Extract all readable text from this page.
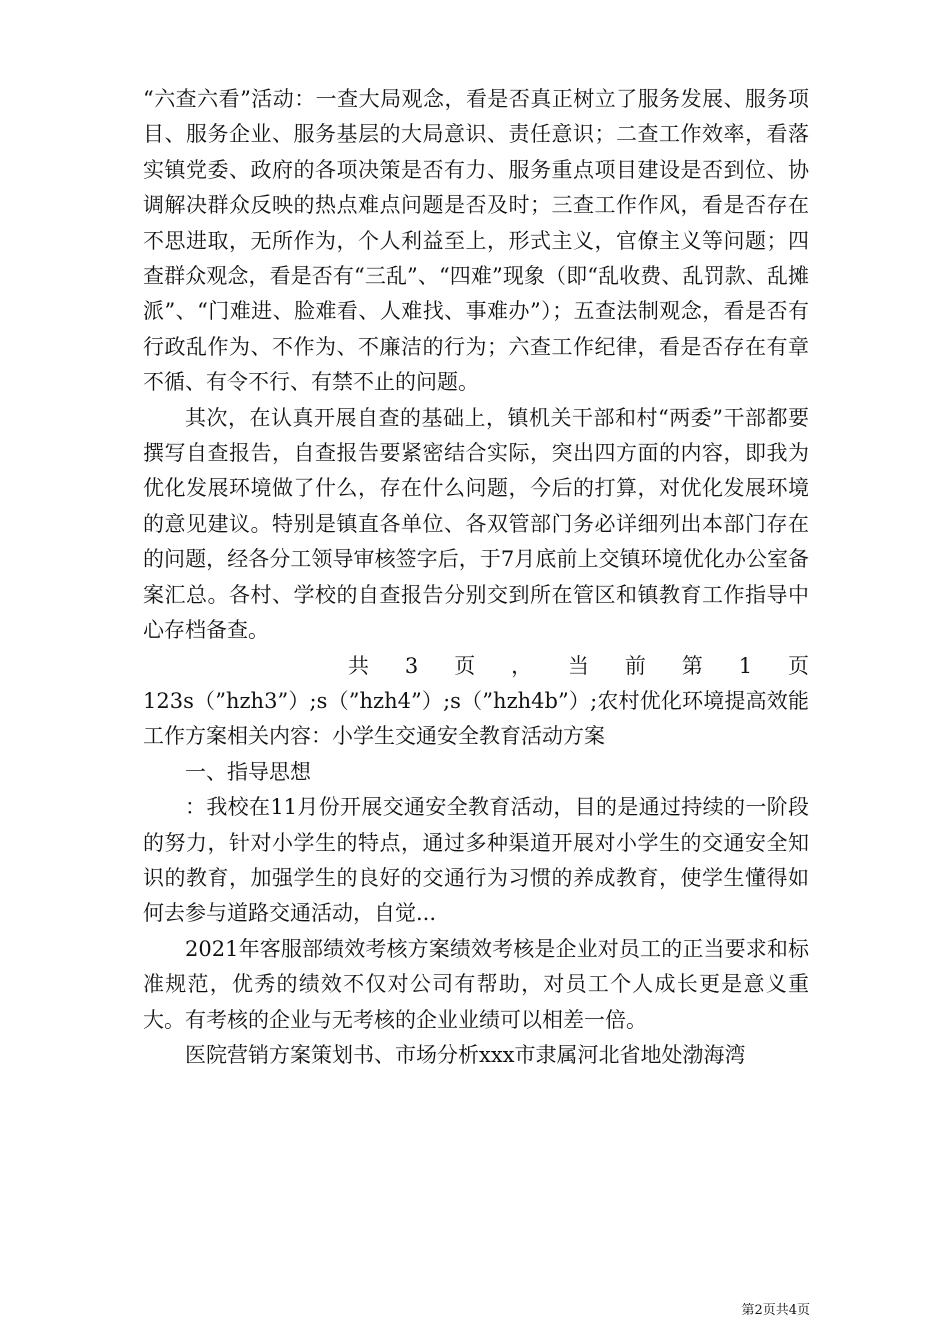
“六查六看”活动：一查大局观念，看是否真正树立了服务发展、服务项目、服务企业、服务基层的大局意识、责任意识；二查工作效率，看落实镇党委、政府的各项决策是否有力、服务重点项目建设是否到位、协调解决群众反映的热点难点问题是否及时；三查工作作风，看是否存在不思进取，无所作为，个人利益至上，形式主义，官僚主义等问题；四查群众观念，看是否有“三乱”、“四难”现象（即“乱收费、乱罚款、乱摊派”、“门难进、脸难看、人难找、事难办”）；五查法制观念，看是否有行政乱作为、不作为、不廉洁的行为；六查工作纪律，看是否存在有章不循、有令不行、有禁不止的问题。

其次，在认真开展自查的基础上，镇机关干部和村“两委”干部都要撰写自查报告，自查报告要紧密结合实际，突出四方面的内容，即我为优化发展环境做了什么，存在什么问题，今后的打算，对优化发展环境的意见建议。特别是镇直各单位、各双管部门务必详细列出本部门存在的问题，经各分工领导审核签字后，于7月底前上交镇环境优化办公室备案汇总。各村、学校的自查报告分别交到所在管区和镇教育工作指导中心存档备查。

共 3 页 ， 当 前 第 1 页

123s（”hzh3”）;s（”hzh4”）;s（”hzh4b”）;农村优化环境提高效能工作方案相关内容：小学生交通安全教育活动方案

一、指导思想

：我校在11月份开展交通安全教育活动，目的是通过持续的一阶段的努力，针对小学生的特点，通过多种渠道开展对小学生的交通安全知识的教育，加强学生的良好的交通行为习惯的养成教育，使学生懂得如何去参与道路交通活动，自觉...

2021年客服部绩效考核方案绩效考核是企业对员工的正当要求和标准规范，优秀的绩效不仅对公司有帮助，对员工个人成长更是意义重大。有考核的企业与无考核的企业业绩可以相差一倍。

医院营销方案策划书、市场分析xxx市隶属河北省地处渤海湾

第2页共4页
